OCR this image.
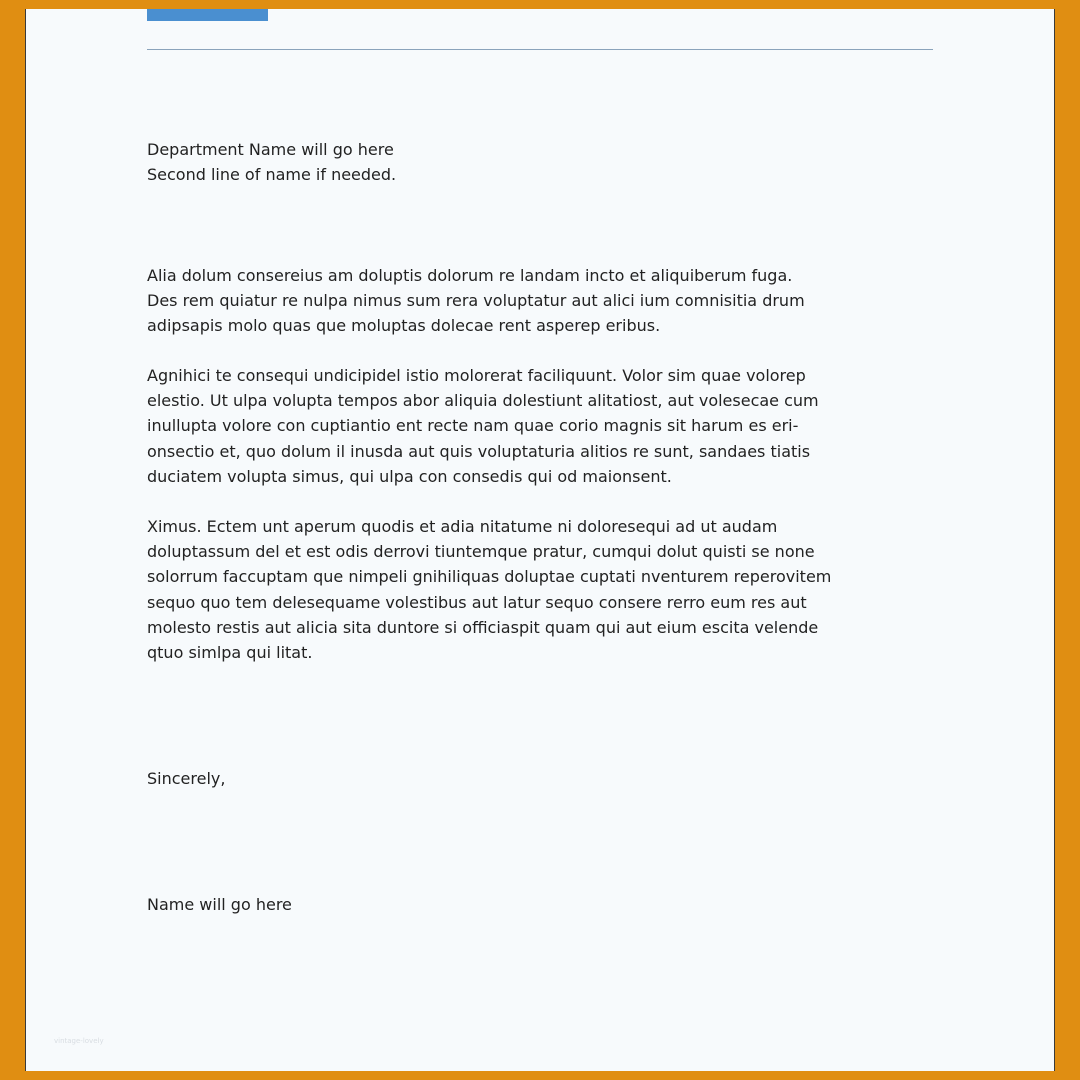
Department Name will go here
Second line of name if needed.
Alia dolum consereius am doluptis dolorum re landam incto et aliquiberum fuga.
Des rem quiatur re nulpa nimus sum rera voluptatur aut alici ium comnisitia drum
adipsapis molo quas que moluptas dolecae rent asperep eribus.
Agnihici te consequi undicipidel istio molorerat faciliquunt. Volor sim quae volorep
elestio. Ut ulpa volupta tempos abor aliquia dolestiunt alitatiost, aut volesecae cum
inullupta volore con cuptiantio ent recte nam quae corio magnis sit harum es eri-
onsectio et, quo dolum il inusda aut quis voluptaturia alitios re sunt, sandaes tiatis
duciatem volupta simus, qui ulpa con consedis qui od maionsent.
Ximus. Ectem unt aperum quodis et adia nitatume ni doloresequi ad ut audam
doluptassum del et est odis derrovi tiuntemque pratur, cumqui dolut quisti se none
solorrum faccuptam que nimpeli gnihiliquas doluptae cuptati nventurem reperovitem
sequo quo tem delesequame volestibus aut latur sequo consere rerro eum res aut
molesto restis aut alicia sita duntore si officiaspit quam qui aut eium escita velende
qtuo simlpa qui litat.
Sincerely,
Name will go here
vintage-lovely
